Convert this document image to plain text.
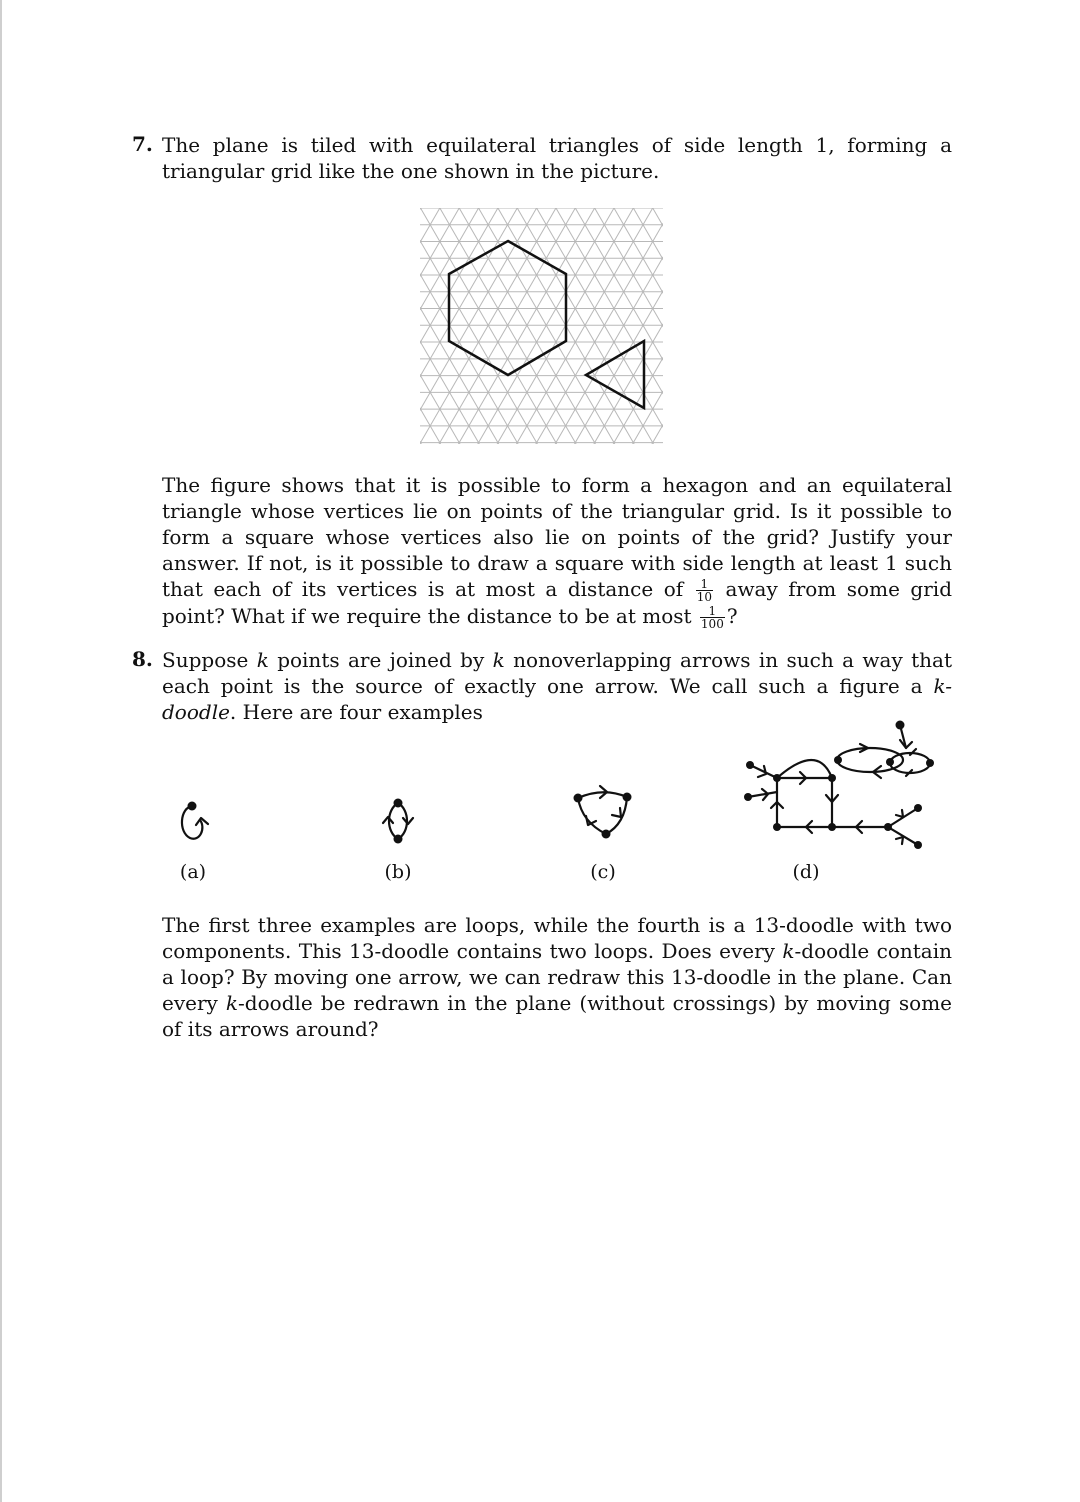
7. The plane is tiled with equilateral triangles of side length 1, forming a triangular grid like the one shown in the picture.

The figure shows that it is possible to form a hexagon and an equilateral triangle whose vertices lie on points of the triangular grid. Is it possible to form a square whose vertices also lie on points of the grid? Justify your answer. If not, is it possible to draw a square with side length at least 1 such that each of its vertices is at most a distance of $\frac{1}{10}$ away from some grid point? What if we require the distance to be at most $\frac{1}{100}$ ?

8. Suppose k points are joined by k nonoverlapping arrows in such a way that each point is the source of exactly one arrow. We call such a figure a k-doodle. Here are four examples

(a)	(b)	(c)	(d)

The first three examples are loops, while the fourth is a 13-doodle with two components. This 13-doodle contains two loops. Does every k-doodle contain a loop? By moving one arrow, we can redraw this 13-doodle in the plane. Can every k-doodle be redrawn in the plane (without crossings) by moving some of its arrows around?
